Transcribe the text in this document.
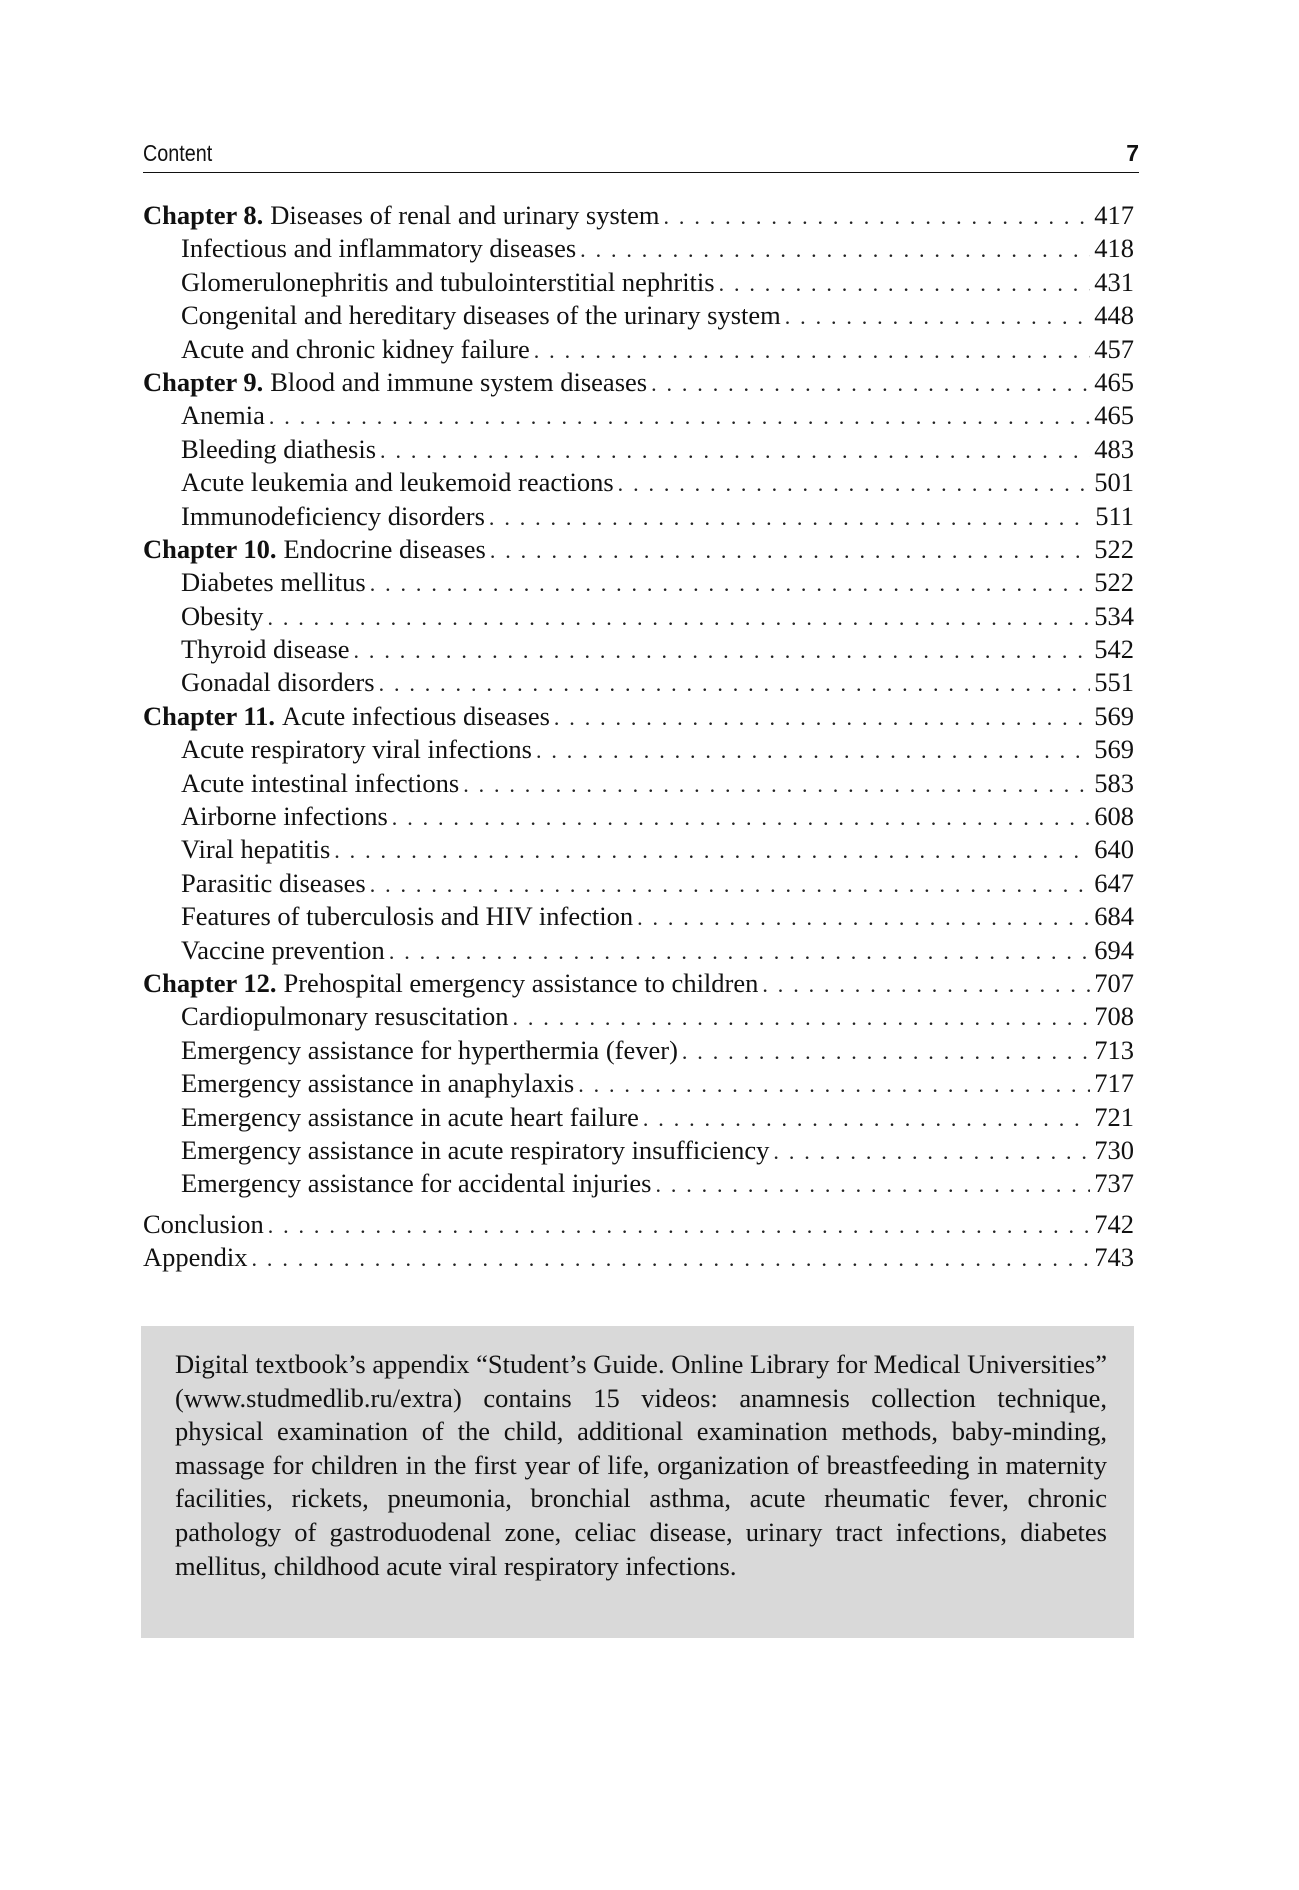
Content	7
Chapter 8. Diseases of renal and urinary system . . .	417
Infectious and inflammatory diseases . . .	418
Glomerulonephritis and tubulointerstitial nephritis . . .	431
Congenital and hereditary diseases of the urinary system . . .	448
Acute and chronic kidney failure . . .	457
Chapter 9. Blood and immune system diseases . . .	465
Anemia . . .	465
Bleeding diathesis . . .	483
Acute leukemia and leukemoid reactions . . .	501
Immunodeficiency disorders . . .	511
Chapter 10. Endocrine diseases . . .	522
Diabetes mellitus . . .	522
Obesity . . .	534
Thyroid disease . . .	542
Gonadal disorders . . .	551
Chapter 11. Acute infectious diseases . . .	569
Acute respiratory viral infections . . .	569
Acute intestinal infections . . .	583
Airborne infections . . .	608
Viral hepatitis . . .	640
Parasitic diseases . . .	647
Features of tuberculosis and HIV infection . . .	684
Vaccine prevention . . .	694
Chapter 12. Prehospital emergency assistance to children . . .	707
Cardiopulmonary resuscitation . . .	708
Emergency assistance for hyperthermia (fever) . . .	713
Emergency assistance in anaphylaxis . . .	717
Emergency assistance in acute heart failure . . .	721
Emergency assistance in acute respiratory insufficiency . . .	730
Emergency assistance for accidental injuries . . .	737
Conclusion . . .	742
Appendix . . .	743

Digital textbook’s appendix “Student’s Guide. Online Library for Medical Universities” (www.studmedlib.ru/extra) contains 15 videos: anamnesis collection technique, physical examination of the child, additional examination methods, baby-minding, massage for children in the first year of life, organization of breastfeeding in maternity facilities, rickets, pneumonia, bronchial asthma, acute rheumatic fever, chronic pathology of gastroduodenal zone, celiac disease, urinary tract infections, diabetes mellitus, childhood acute viral respiratory infections.
